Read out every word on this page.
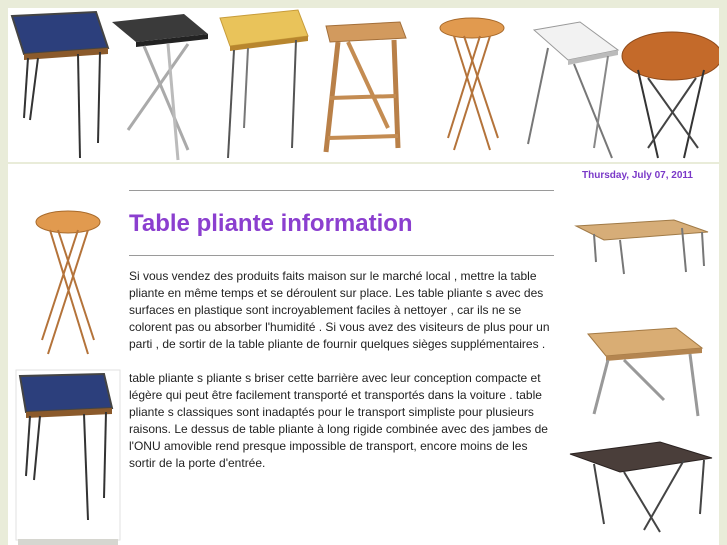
Table pliante information

Si vous vendez des produits faits maison sur le marché local , mettre la table pliante en même temps et se déroulent sur place. Les table pliante s avec des surfaces en plastique sont incroyablement faciles à nettoyer , car ils ne se colorent pas ou absorber l'humidité . Si vous avez des visiteurs de plus pour un parti , de sortir de la table pliante de fournir quelques sièges supplémentaires .

table pliante s pliante s briser cette barrière avec leur conception compacte et légère qui peut être facilement transporté et transportés dans la voiture . table pliante s classiques sont inadaptés pour le transport simpliste pour plusieurs raisons. Le dessus de table pliante à long rigide combinée avec des jambes de l'ONU amovible rend presque impossible de transport, encore moins de les sortir de la porte d'entrée.

Thursday, July 07, 2011
